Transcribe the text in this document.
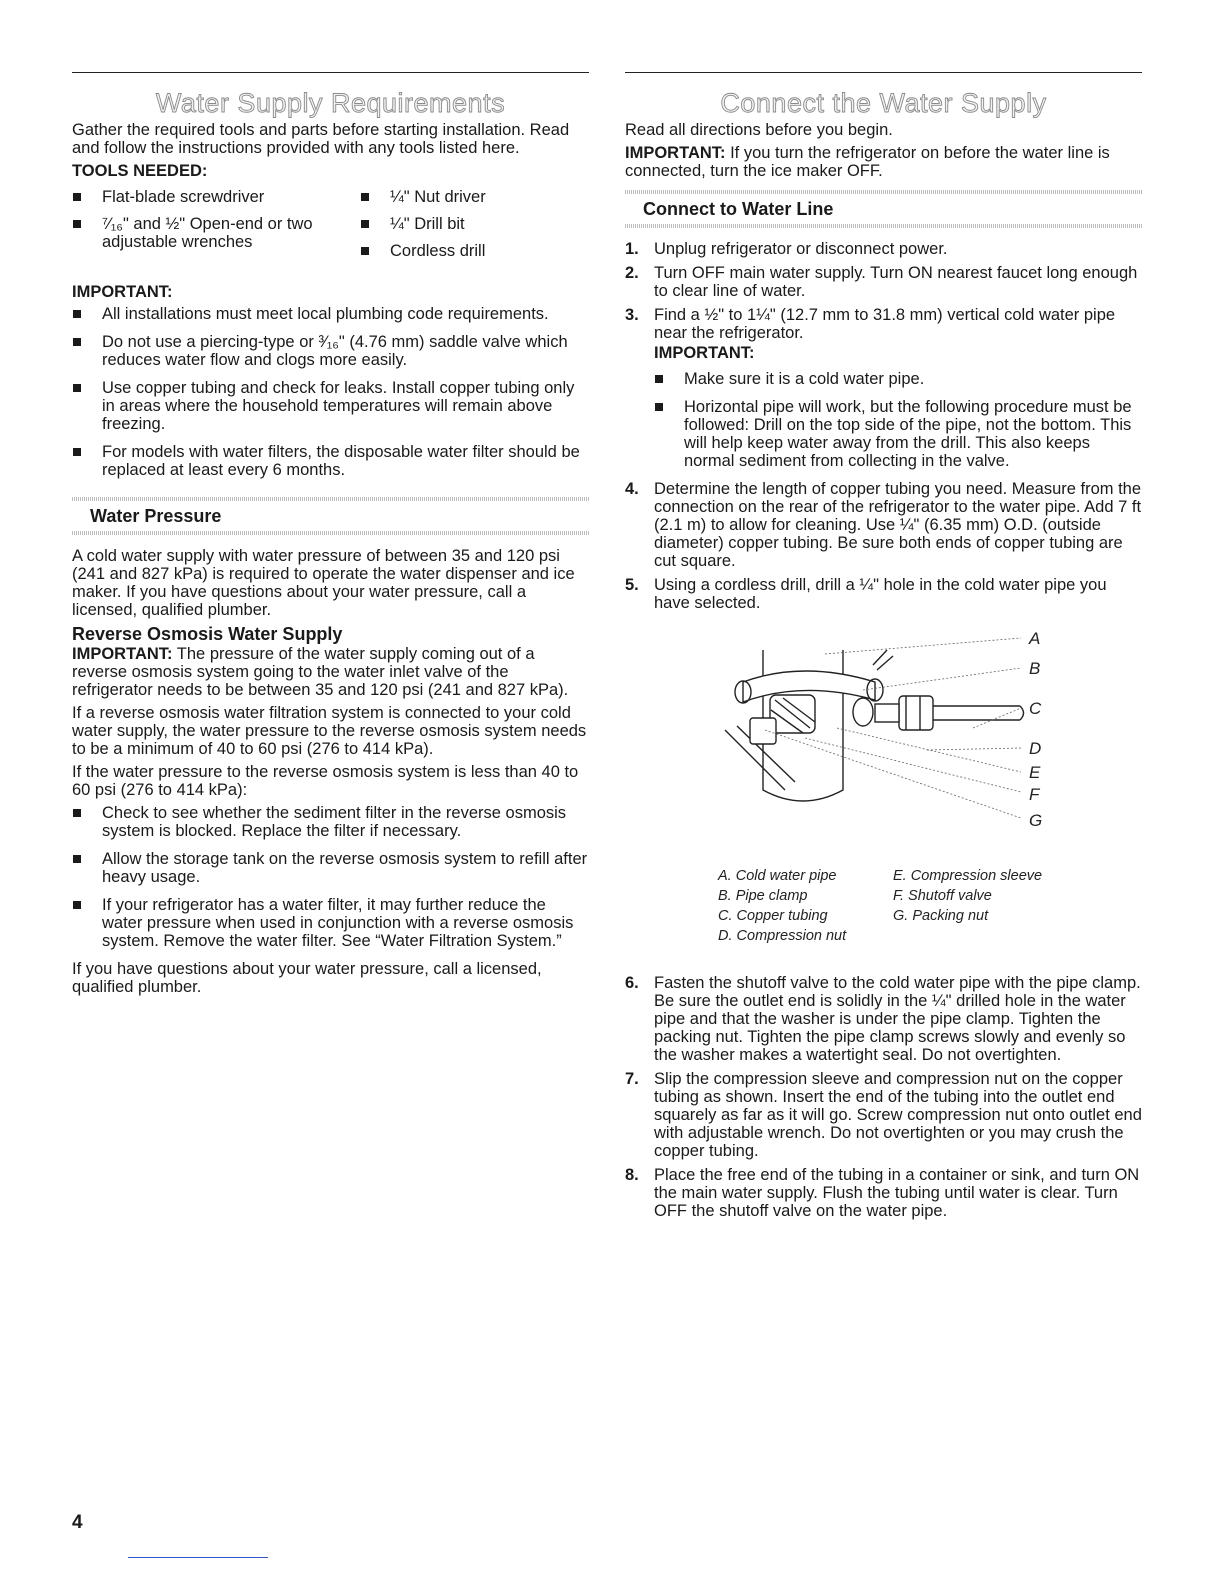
Water Supply Requirements

Gather the required tools and parts before starting installation. Read and follow the instructions provided with any tools listed here.

TOOLS NEEDED:
Flat-blade screwdriver
⁷⁄₁₆" and ½" Open-end or two adjustable wrenches
¼" Nut driver
¼" Drill bit
Cordless drill
IMPORTANT:
All installations must meet local plumbing code requirements.
Do not use a piercing-type or ³⁄₁₆" (4.76 mm) saddle valve which reduces water flow and clogs more easily.
Use copper tubing and check for leaks. Install copper tubing only in areas where the household temperatures will remain above freezing.
For models with water filters, the disposable water filter should be replaced at least every 6 months.
Water Pressure

A cold water supply with water pressure of between 35 and 120 psi (241 and 827 kPa) is required to operate the water dispenser and ice maker. If you have questions about your water pressure, call a licensed, qualified plumber.

Reverse Osmosis Water Supply

IMPORTANT: The pressure of the water supply coming out of a reverse osmosis system going to the water inlet valve of the refrigerator needs to be between 35 and 120 psi (241 and 827 kPa).

If a reverse osmosis water filtration system is connected to your cold water supply, the water pressure to the reverse osmosis system needs to be a minimum of 40 to 60 psi (276 to 414 kPa).

If the water pressure to the reverse osmosis system is less than 40 to 60 psi (276 to 414 kPa):

Check to see whether the sediment filter in the reverse osmosis system is blocked. Replace the filter if necessary.
Allow the storage tank on the reverse osmosis system to refill after heavy usage.
If your refrigerator has a water filter, it may further reduce the water pressure when used in conjunction with a reverse osmosis system. Remove the water filter. See “Water Filtration System.”

If you have questions about your water pressure, call a licensed, qualified plumber.

Connect the Water Supply

Read all directions before you begin.

IMPORTANT: If you turn the refrigerator on before the water line is connected, turn the ice maker OFF.

Connect to Water Line
1. Unplug refrigerator or disconnect power.
2. Turn OFF main water supply. Turn ON nearest faucet long enough to clear line of water.
3. Find a ½" to 1¼" (12.7 mm to 31.8 mm) vertical cold water pipe near the refrigerator.
IMPORTANT:
Make sure it is a cold water pipe.
Horizontal pipe will work, but the following procedure must be followed: Drill on the top side of the pipe, not the bottom. This will help keep water away from the drill. This also keeps normal sediment from collecting in the valve.
4. Determine the length of copper tubing you need. Measure from the connection on the rear of the refrigerator to the water pipe. Add 7 ft (2.1 m) to allow for cleaning. Use ¼" (6.35 mm) O.D. (outside diameter) copper tubing. Be sure both ends of copper tubing are cut square.
5. Using a cordless drill, drill a ¼" hole in the cold water pipe you have selected.
A
B
C
D
E
F
G
A. Cold water pipe
B. Pipe clamp
C. Copper tubing
D. Compression nut
E. Compression sleeve
F. Shutoff valve
G. Packing nut
6. Fasten the shutoff valve to the cold water pipe with the pipe clamp. Be sure the outlet end is solidly in the ¼" drilled hole in the water pipe and that the washer is under the pipe clamp. Tighten the packing nut. Tighten the pipe clamp screws slowly and evenly so the washer makes a watertight seal. Do not overtighten.
7. Slip the compression sleeve and compression nut on the copper tubing as shown. Insert the end of the tubing into the outlet end squarely as far as it will go. Screw compression nut onto outlet end with adjustable wrench. Do not overtighten or you may crush the copper tubing.
8. Place the free end of the tubing in a container or sink, and turn ON the main water supply. Flush the tubing until water is clear. Turn OFF the shutoff valve on the water pipe.
4
